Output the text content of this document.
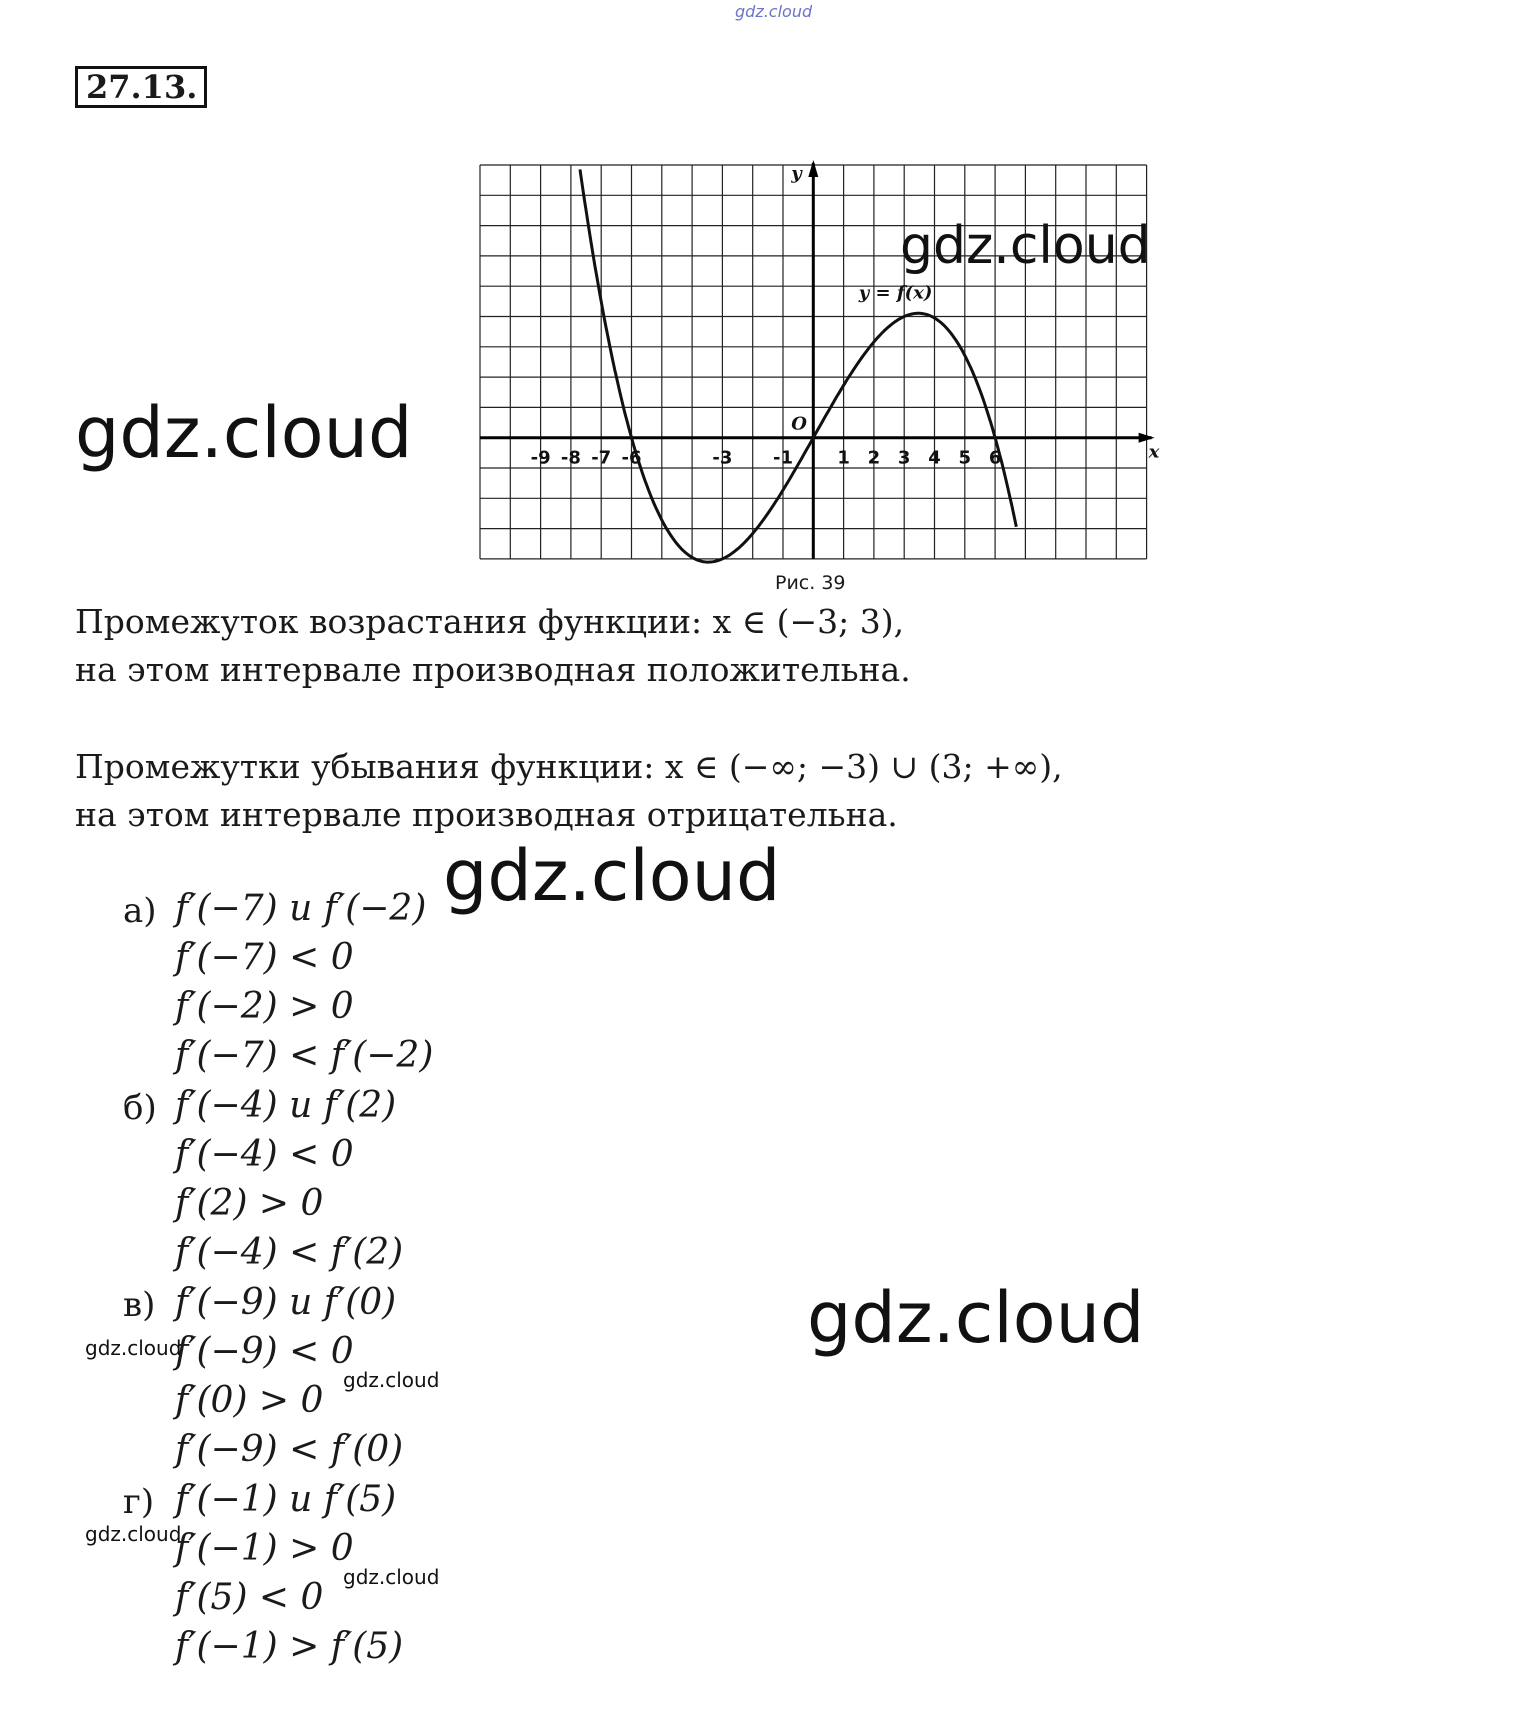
gdz.cloud
27.13.
-9 -8 -7 -6	-3 -1 1 2 3 4 5 6	x
y
O
y = f(x)
Рис. 39
Промежуток возрастания функции: x ∈ (−3; 3),
на этом интервале производная положительна.
Промежутки убывания функции: x ∈ (−∞; −3) ∪ (3; +∞),
на этом интервале производная отрицательна.
а) f′(−7) и f′(−2)
f′(−7) < 0
f′(−2) > 0
f′(−7) < f′(−2)
б) f′(−4) и f′(2)
f′(−4) < 0
f′(2) > 0
f′(−4) < f′(2)
в) f′(−9) и f′(0)
f′(−9) < 0
f′(0) > 0
f′(−9) < f′(0)
г) f′(−1) и f′(5)
f′(−1) > 0
f′(5) < 0
f′(−1) > f′(5)
gdz.cloud
gdz.cloud
gdz.cloud
gdz.cloud
gdz.cloud
gdz.cloud
gdz.cloud
gdz.cloud
